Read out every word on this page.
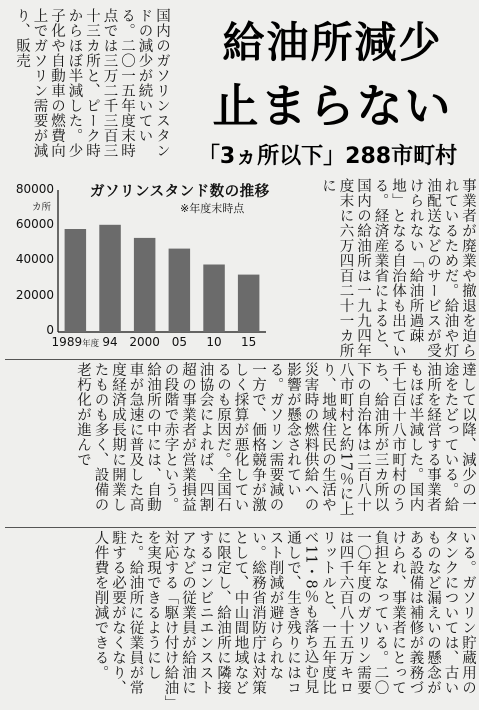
給油所減少
止まらない
「3ヵ所以下」288市町村
国内のガソリンスタンドの減少が続いている。二〇一五年度末時点では三万二千三百三十三カ所と、ピーク時からほぼ半減した。少子化や自動車の燃費向上でガソリン需要が減り、販売
ガソリンスタンド数の推移
※年度末時点
カ所
80000
60000
40000
20000
0
1989年度 94 2000 05	10	15	事業者が廃業や撤退を迫られているためだ。給油や灯油配送などのサービスが受けられない「給油所過疎地」となる自治体も出ている。経済産業省によると、国内の給油所は一九九四年度末に六万四百二十一カ所に
達して以降、減少の一途をたどっている。給油所を経営する事業者もほぼ半減した。国内千七百十八市町村のうち、給油所が三カ所以下の自治体は二百八十八市町村と約17％に上り、地域住民の生活や災害時の燃料供給への影響が懸念されている。ガソリン需要減の一方で、価格競争が激しく採算が悪化しているのも原因だ。全国石油協会によれば、四割超の事業者が営業損益の段階で赤字という。給油所の中には、自動車が急速に普及した高度経済成長期に開業したものも多く、設備の老朽化が進んで
いる。ガソリン貯蔵用のタンクについては、古いものなど漏えいの懸念がある設備は補修が義務づけられ、事業者にとって負担となっている。二〇一〇年度のガソリン需要は四千六百八十五万キロリットルと、一五年度比べ11・8％も落ち込む見通しで、生き残りにはコスト削減が避けられない。総務省消防庁は対策として、中山間地域などに限定し、給油所に隣接するコンビニエンスストアなどの従業員が給油に対応する「駆け付け給油」を実現できるようにした。給油所に従業員が常駐する必要がなくなり、人件費を削減できる。
